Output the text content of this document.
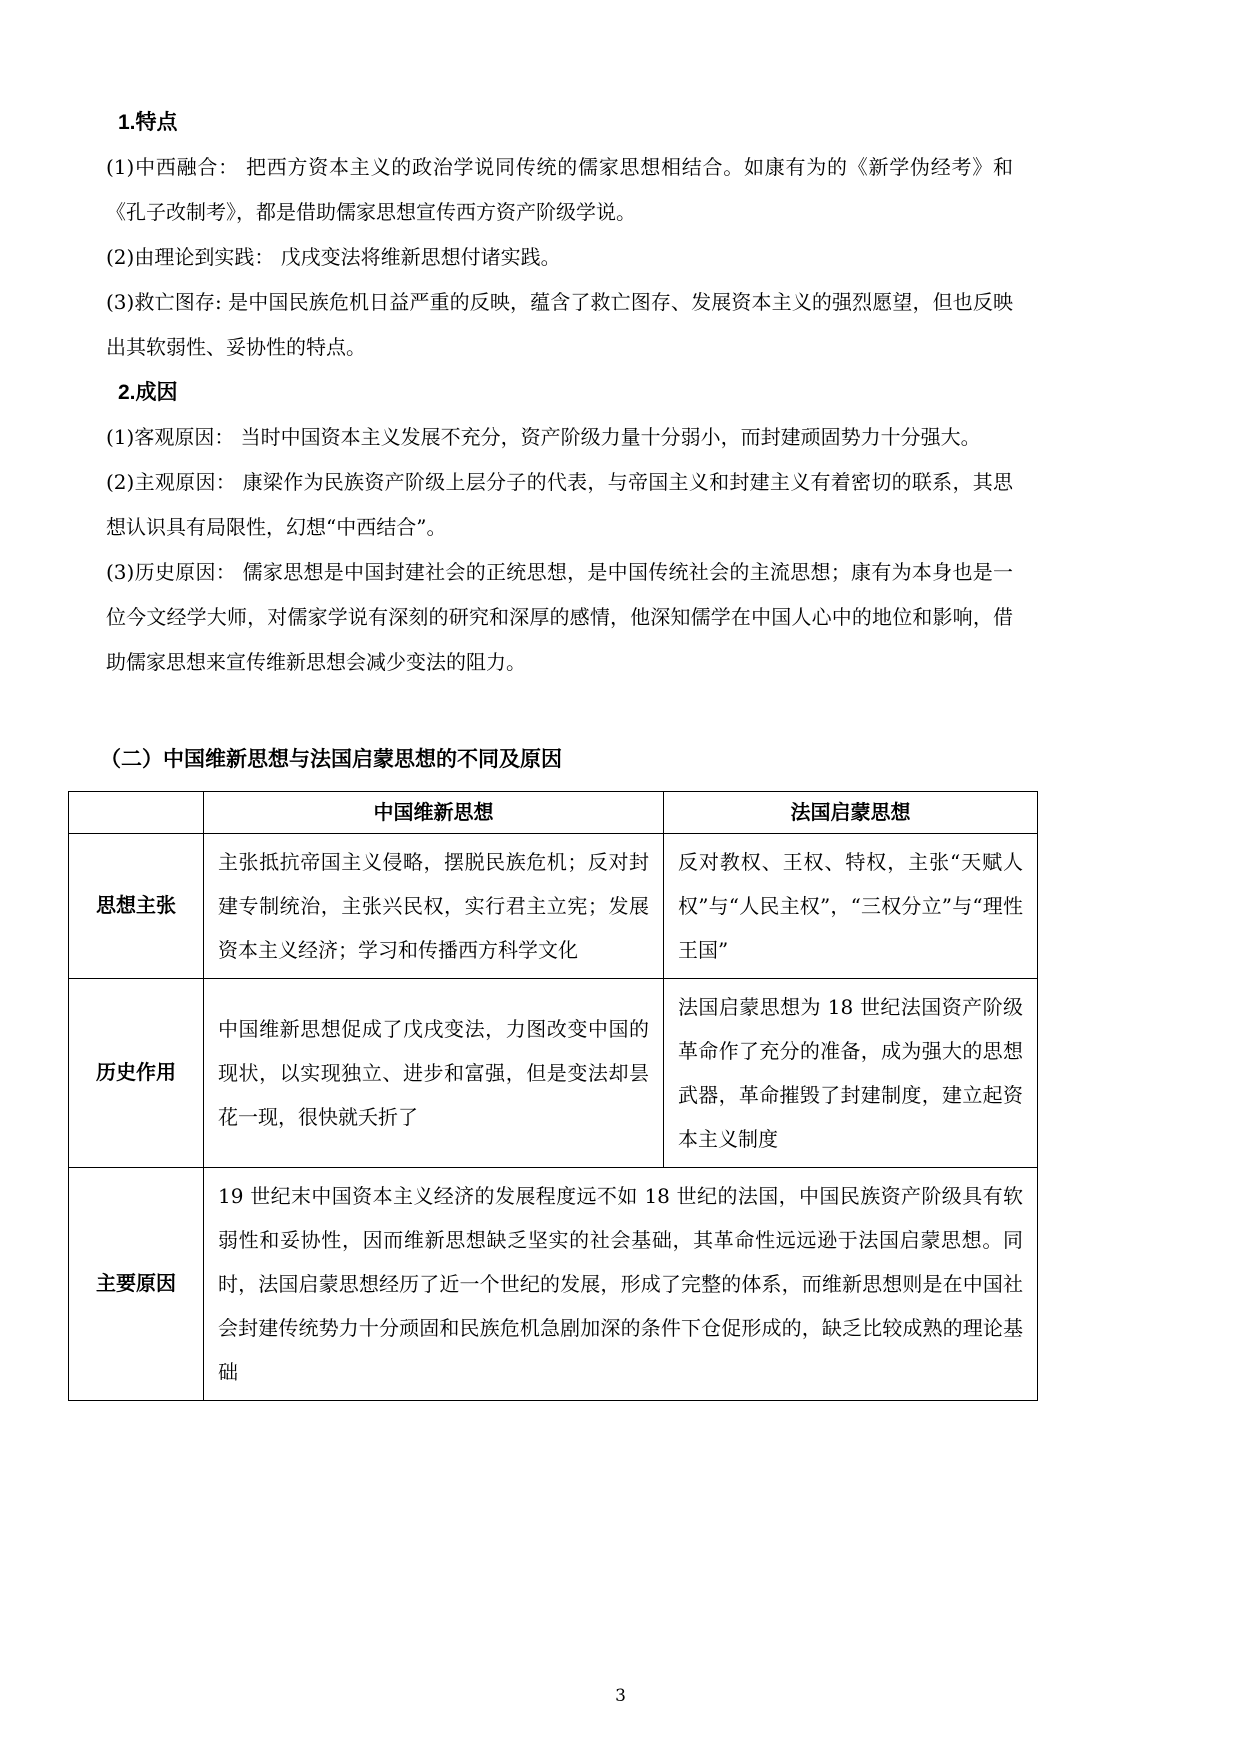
1.特点

(1)中西融合： 把西方资本主义的政治学说同传统的儒家思想相结合。如康有为的《新学伪经考》和《孔子改制考》，都是借助儒家思想宣传西方资产阶级学说。

(2)由理论到实践： 戊戌变法将维新思想付诸实践。

(3)救亡图存: 是中国民族危机日益严重的反映，蕴含了救亡图存、发展资本主义的强烈愿望，但也反映出其软弱性、妥协性的特点。

2.成因

(1)客观原因： 当时中国资本主义发展不充分，资产阶级力量十分弱小，而封建顽固势力十分强大。

(2)主观原因： 康梁作为民族资产阶级上层分子的代表，与帝国主义和封建主义有着密切的联系，其思想认识具有局限性，幻想“中西结合”。

(3)历史原因： 儒家思想是中国封建社会的正统思想，是中国传统社会的主流思想；康有为本身也是一位今文经学大师，对儒家学说有深刻的研究和深厚的感情，他深知儒学在中国人心中的地位和影响，借助儒家思想来宣传维新思想会减少变法的阻力。

（二）中国维新思想与法国启蒙思想的不同及原因
	中国维新思想	法国启蒙思想
思想主张	主张抵抗帝国主义侵略，摆脱民族危机；反对封建专制统治，主张兴民权，实行君主立宪；发展资本主义经济；学习和传播西方科学文化	反对教权、王权、特权，主张“天赋人权”与“人民主权”，“三权分立”与“理性王国”
历史作用	中国维新思想促成了戊戌变法，力图改变中国的现状，以实现独立、进步和富强，但是变法却昙花一现，很快就夭折了	法国启蒙思想为 18 世纪法国资产阶级革命作了充分的准备，成为强大的思想武器，革命摧毁了封建制度，建立起资本主义制度
主要原因	19 世纪末中国资本主义经济的发展程度远不如 18 世纪的法国，中国民族资产阶级具有软弱性和妥协性，因而维新思想缺乏坚实的社会基础，其革命性远远逊于法国启蒙思想。同时，法国启蒙思想经历了近一个世纪的发展，形成了完整的体系，而维新思想则是在中国社会封建传统势力十分顽固和民族危机急剧加深的条件下仓促形成的，缺乏比较成熟的理论基础	
3
